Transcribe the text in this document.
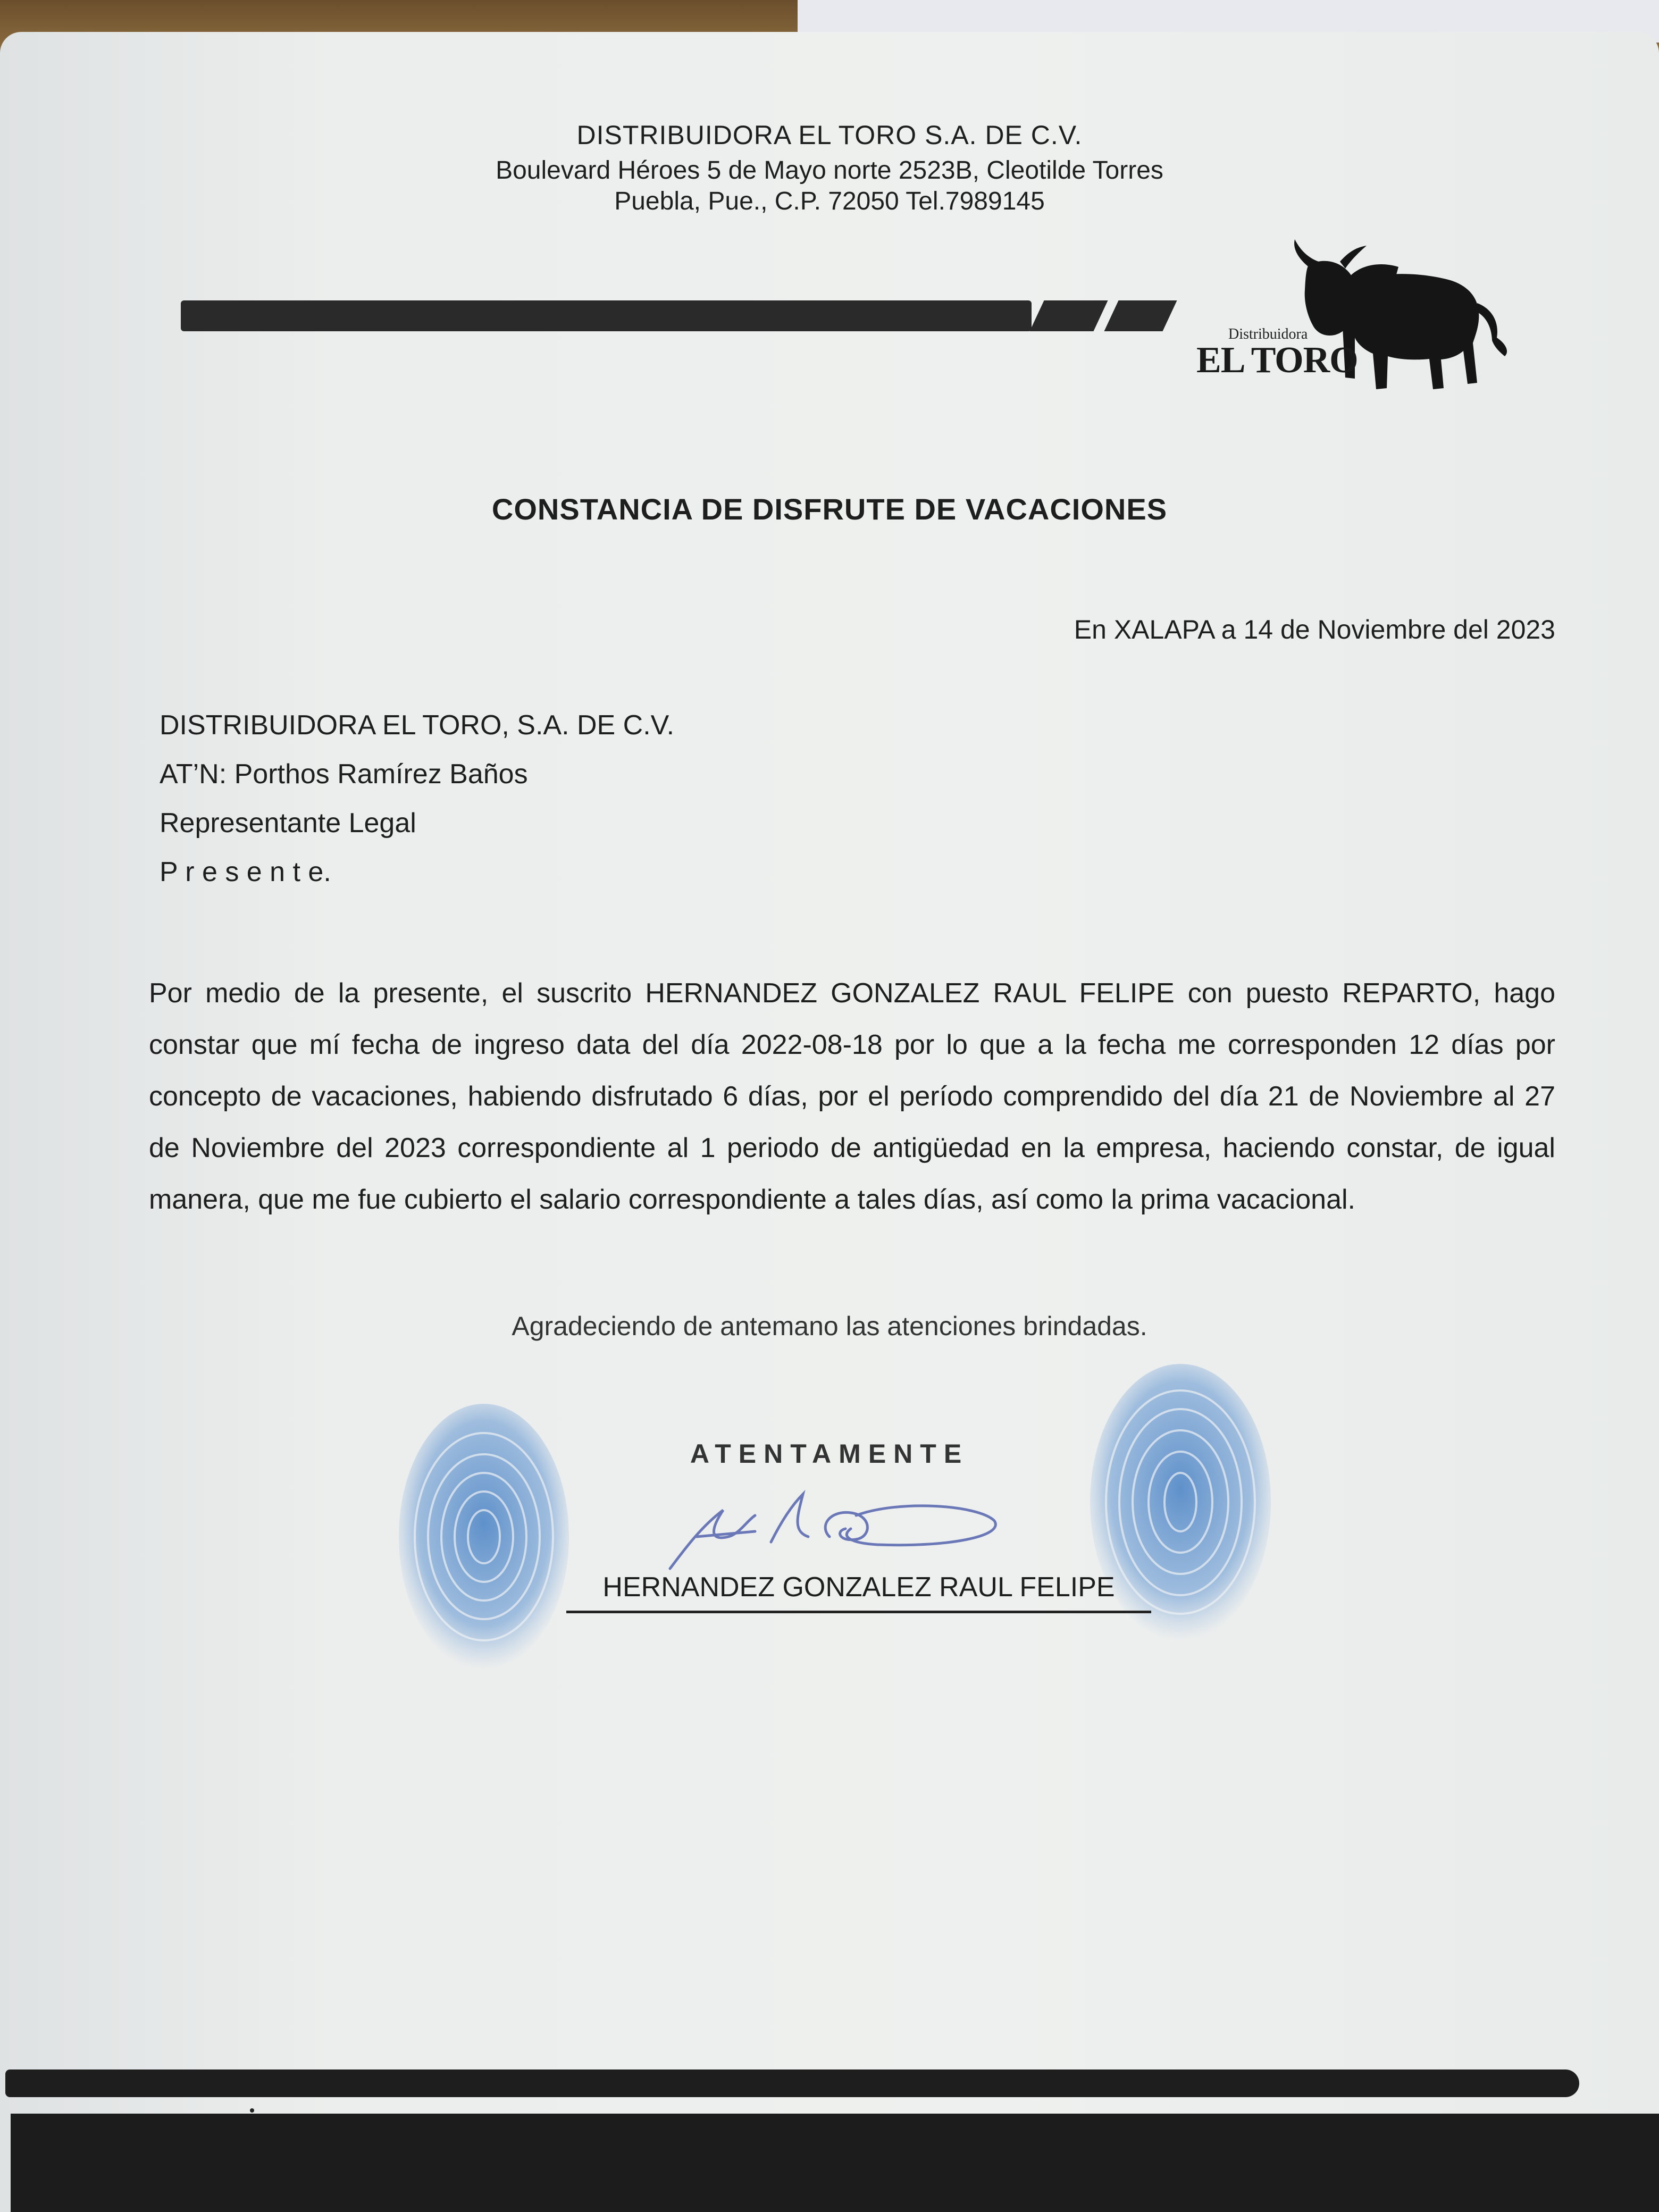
DISTRIBUIDORA EL TORO S.A. DE C.V.
Boulevard Héroes 5 de Mayo norte 2523B, Cleotilde Torres
Puebla, Pue., C.P. 72050 Tel.7989145
Distribuidora
EL TORO
CONSTANCIA DE DISFRUTE DE VACACIONES
En XALAPA a 14 de Noviembre del 2023
DISTRIBUIDORA EL TORO, S.A. DE C.V.
AT’N: Porthos Ramírez Baños
Representante Legal
P r e s e n t e.
Por medio de la presente, el suscrito HERNANDEZ GONZALEZ RAUL FELIPE con puesto REPARTO, hago constar que mí fecha de ingreso data del día 2022-08-18 por lo que a la fecha me corresponden 12 días por concepto de vacaciones, habiendo disfrutado 6 días, por el período comprendido del día 21 de Noviembre al 27 de Noviembre del 2023 correspondiente al 1 periodo de antigüedad en la empresa, haciendo constar, de igual manera, que me fue cubierto el salario correspondiente a tales días, así como la prima vacacional.
Agradeciendo de antemano las atenciones brindadas.
ATENTAMENTE
HERNANDEZ GONZALEZ RAUL FELIPE
